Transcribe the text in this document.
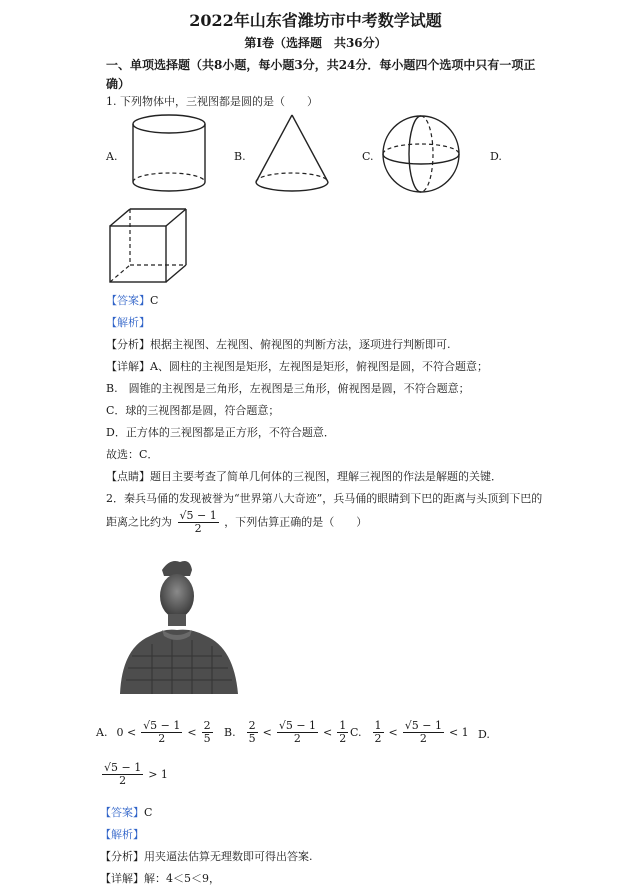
2022年山东省潍坊市中考数学试题
第Ⅰ卷（选择题　共36分）
一、单项选择题（共8小题，每小题3分，共24分．每小题四个选项中只有一项正确）
1. 下列物体中，三视图都是圆的是（　　）
A.	B.	C.	D.
【答案】C
【解析】
【分析】根据主视图、左视图、俯视图的判断方法，逐项进行判断即可.
【详解】A、圆柱的主视图是矩形，左视图是矩形，俯视图是圆，不符合题意；
B.　圆锥的主视图是三角形，左视图是三角形，俯视图是圆，不符合题意；
C．球的三视图都是圆，符合题意；
D．正方体的三视图都是正方形，不符合题意．
故选：C．
【点睛】题目主要考查了简单几何体的三视图，理解三视图的作法是解题的关键．
2．秦兵马俑的发现被誉为“世界第八大奇迹”，兵马俑的眼睛到下巴的距离与头顶到下巴的
距离之比约为 $\frac{√5 - 1}{2}$ ，下列估算正确的是（　　）
A. $0 < \frac{√5 - 1}{2} < \frac{2}{5} B$. $\frac{2}{5} < \frac{√5 - 1}{2} < \frac{1}{2} C$. $\frac{1}{2} < \frac{√5 - 1}{2} < 1$ D.
$\frac{√5 - 1}{2} > 1$
【答案】C
【解析】
【分析】用夹逼法估算无理数即可得出答案.
【详解】解：4＜5＜9，
